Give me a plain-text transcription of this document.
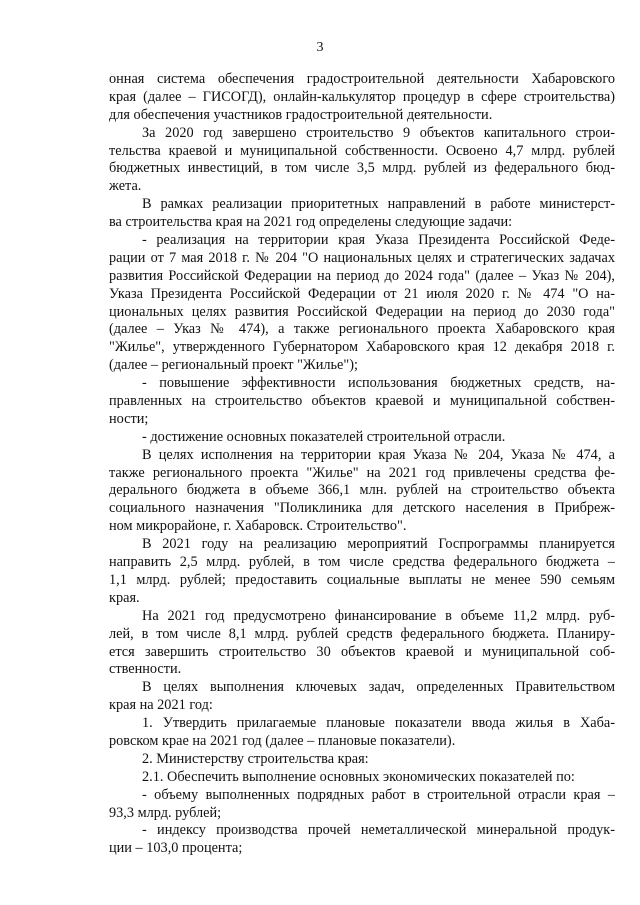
3
онная система обеспечения градостроительной деятельности Хабаровского
края (далее – ГИСОГД), онлайн-калькулятор процедур в сфере строительства)
для обеспечения участников градостроительной деятельности.
За 2020 год завершено строительство 9 объектов капитального строи-
тельства краевой и муниципальной собственности. Освоено 4,7 млрд. рублей
бюджетных инвестиций, в том числе 3,5 млрд. рублей из федерального бюд-
жета.
В рамках реализации приоритетных направлений в работе министерст-
ва строительства края на 2021 год определены следующие задачи:
- реализация на территории края Указа Президента Российской Феде-
рации от 7 мая 2018 г. № 204 "О национальных целях и стратегических задачах
развития Российской Федерации на период до 2024 года" (далее – Указ № 204),
Указа Президента Российской Федерации от 21 июля 2020 г. № 474 "О на-
циональных целях развития Российской Федерации на период до 2030 года"
(далее – Указ № 474), а также регионального проекта Хабаровского края
"Жилье", утвержденного Губернатором Хабаровского края 12 декабря 2018 г.
(далее – региональный проект "Жилье");
- повышение эффективности использования бюджетных средств, на-
правленных на строительство объектов краевой и муниципальной собствен-
ности;
- достижение основных показателей строительной отрасли.
В целях исполнения на территории края Указа № 204, Указа № 474, а
также регионального проекта "Жилье" на 2021 год привлечены средства фе-
дерального бюджета в объеме 366,1 млн. рублей на строительство объекта
социального назначения "Поликлиника для детского населения в Прибреж-
ном микрорайоне, г. Хабаровск. Строительство".
В 2021 году на реализацию мероприятий Госпрограммы планируется
направить 2,5 млрд. рублей, в том числе средства федерального бюджета –
1,1 млрд. рублей; предоставить социальные выплаты не менее 590 семьям
края.
На 2021 год предусмотрено финансирование в объеме 11,2 млрд. руб-
лей, в том числе 8,1 млрд. рублей средств федерального бюджета. Планиру-
ется завершить строительство 30 объектов краевой и муниципальной соб-
ственности.
В целях выполнения ключевых задач, определенных Правительством
края на 2021 год:
1. Утвердить прилагаемые плановые показатели ввода жилья в Хаба-
ровском крае на 2021 год (далее – плановые показатели).
2. Министерству строительства края:
2.1. Обеспечить выполнение основных экономических показателей по:
- объему выполненных подрядных работ в строительной отрасли края –
93,3 млрд. рублей;
- индексу производства прочей неметаллической минеральной продук-
ции – 103,0 процента;
